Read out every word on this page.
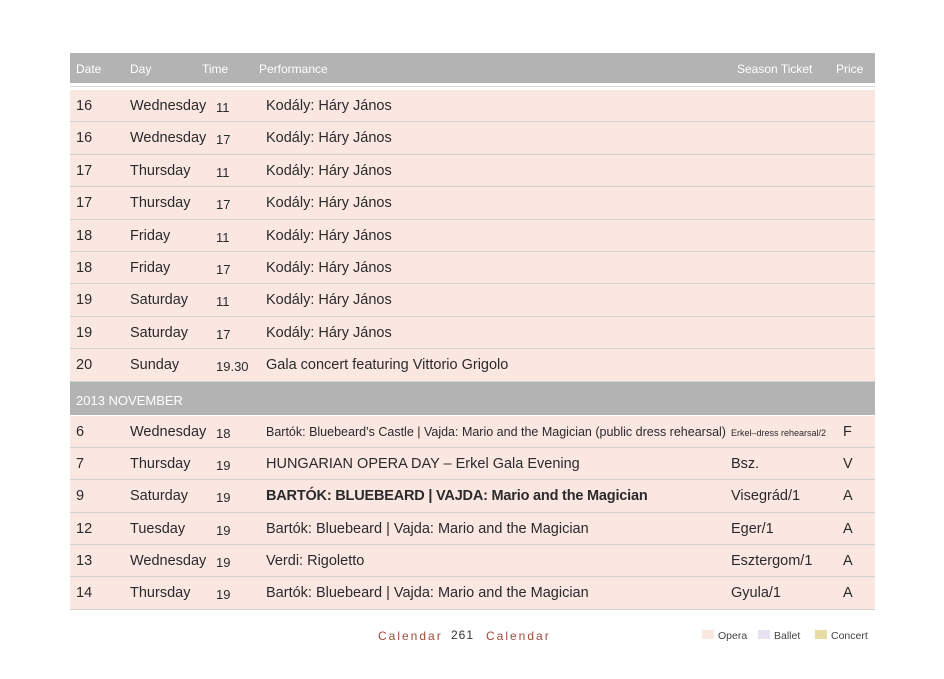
Date Day	Time	Performance	Season Ticket Price
16	Wednesday 11	Kodály: Háry János
16	Wednesday 17 Kodály: Háry János
17	Thursday 11	Kodály: Háry János
17	Thursday 17 Kodály: Háry János
18	Friday	11	Kodály: Háry János
18	Friday	17 Kodály: Háry János
19	Saturday 11	Kodály: Háry János
19	Saturday 17 Kodály: Háry János
20	Sunday	19.30 Gala concert featuring Vittorio Grigolo
2013 NOVEMBER
6	Wednesday 18	Bartók: Bluebeard’s Castle | Vajda: Mario and the Magician (public dress rehearsal) Erkel–dress rehearsal/2 F
7	Thursday 19 HUNGARIAN OPERA DAY – Erkel Gala Evening	Bsz.	V
9	Saturday 19 BARTÓK: BLUEBEARD | VAJDA: Mario and the Magician	Visegrád/1	A
12	Tuesday 19 Bartók: Bluebeard | Vajda: Mario and the Magician	Eger/1	A
13	Wednesday 19 Verdi: Rigoletto	Esztergom/1 A
14	Thursday 19 Bartók: Bluebeard | Vajda: Mario and the Magician	Gyula/1	A
Calendar 261 Calendar	Opera	Ballet	Concert
